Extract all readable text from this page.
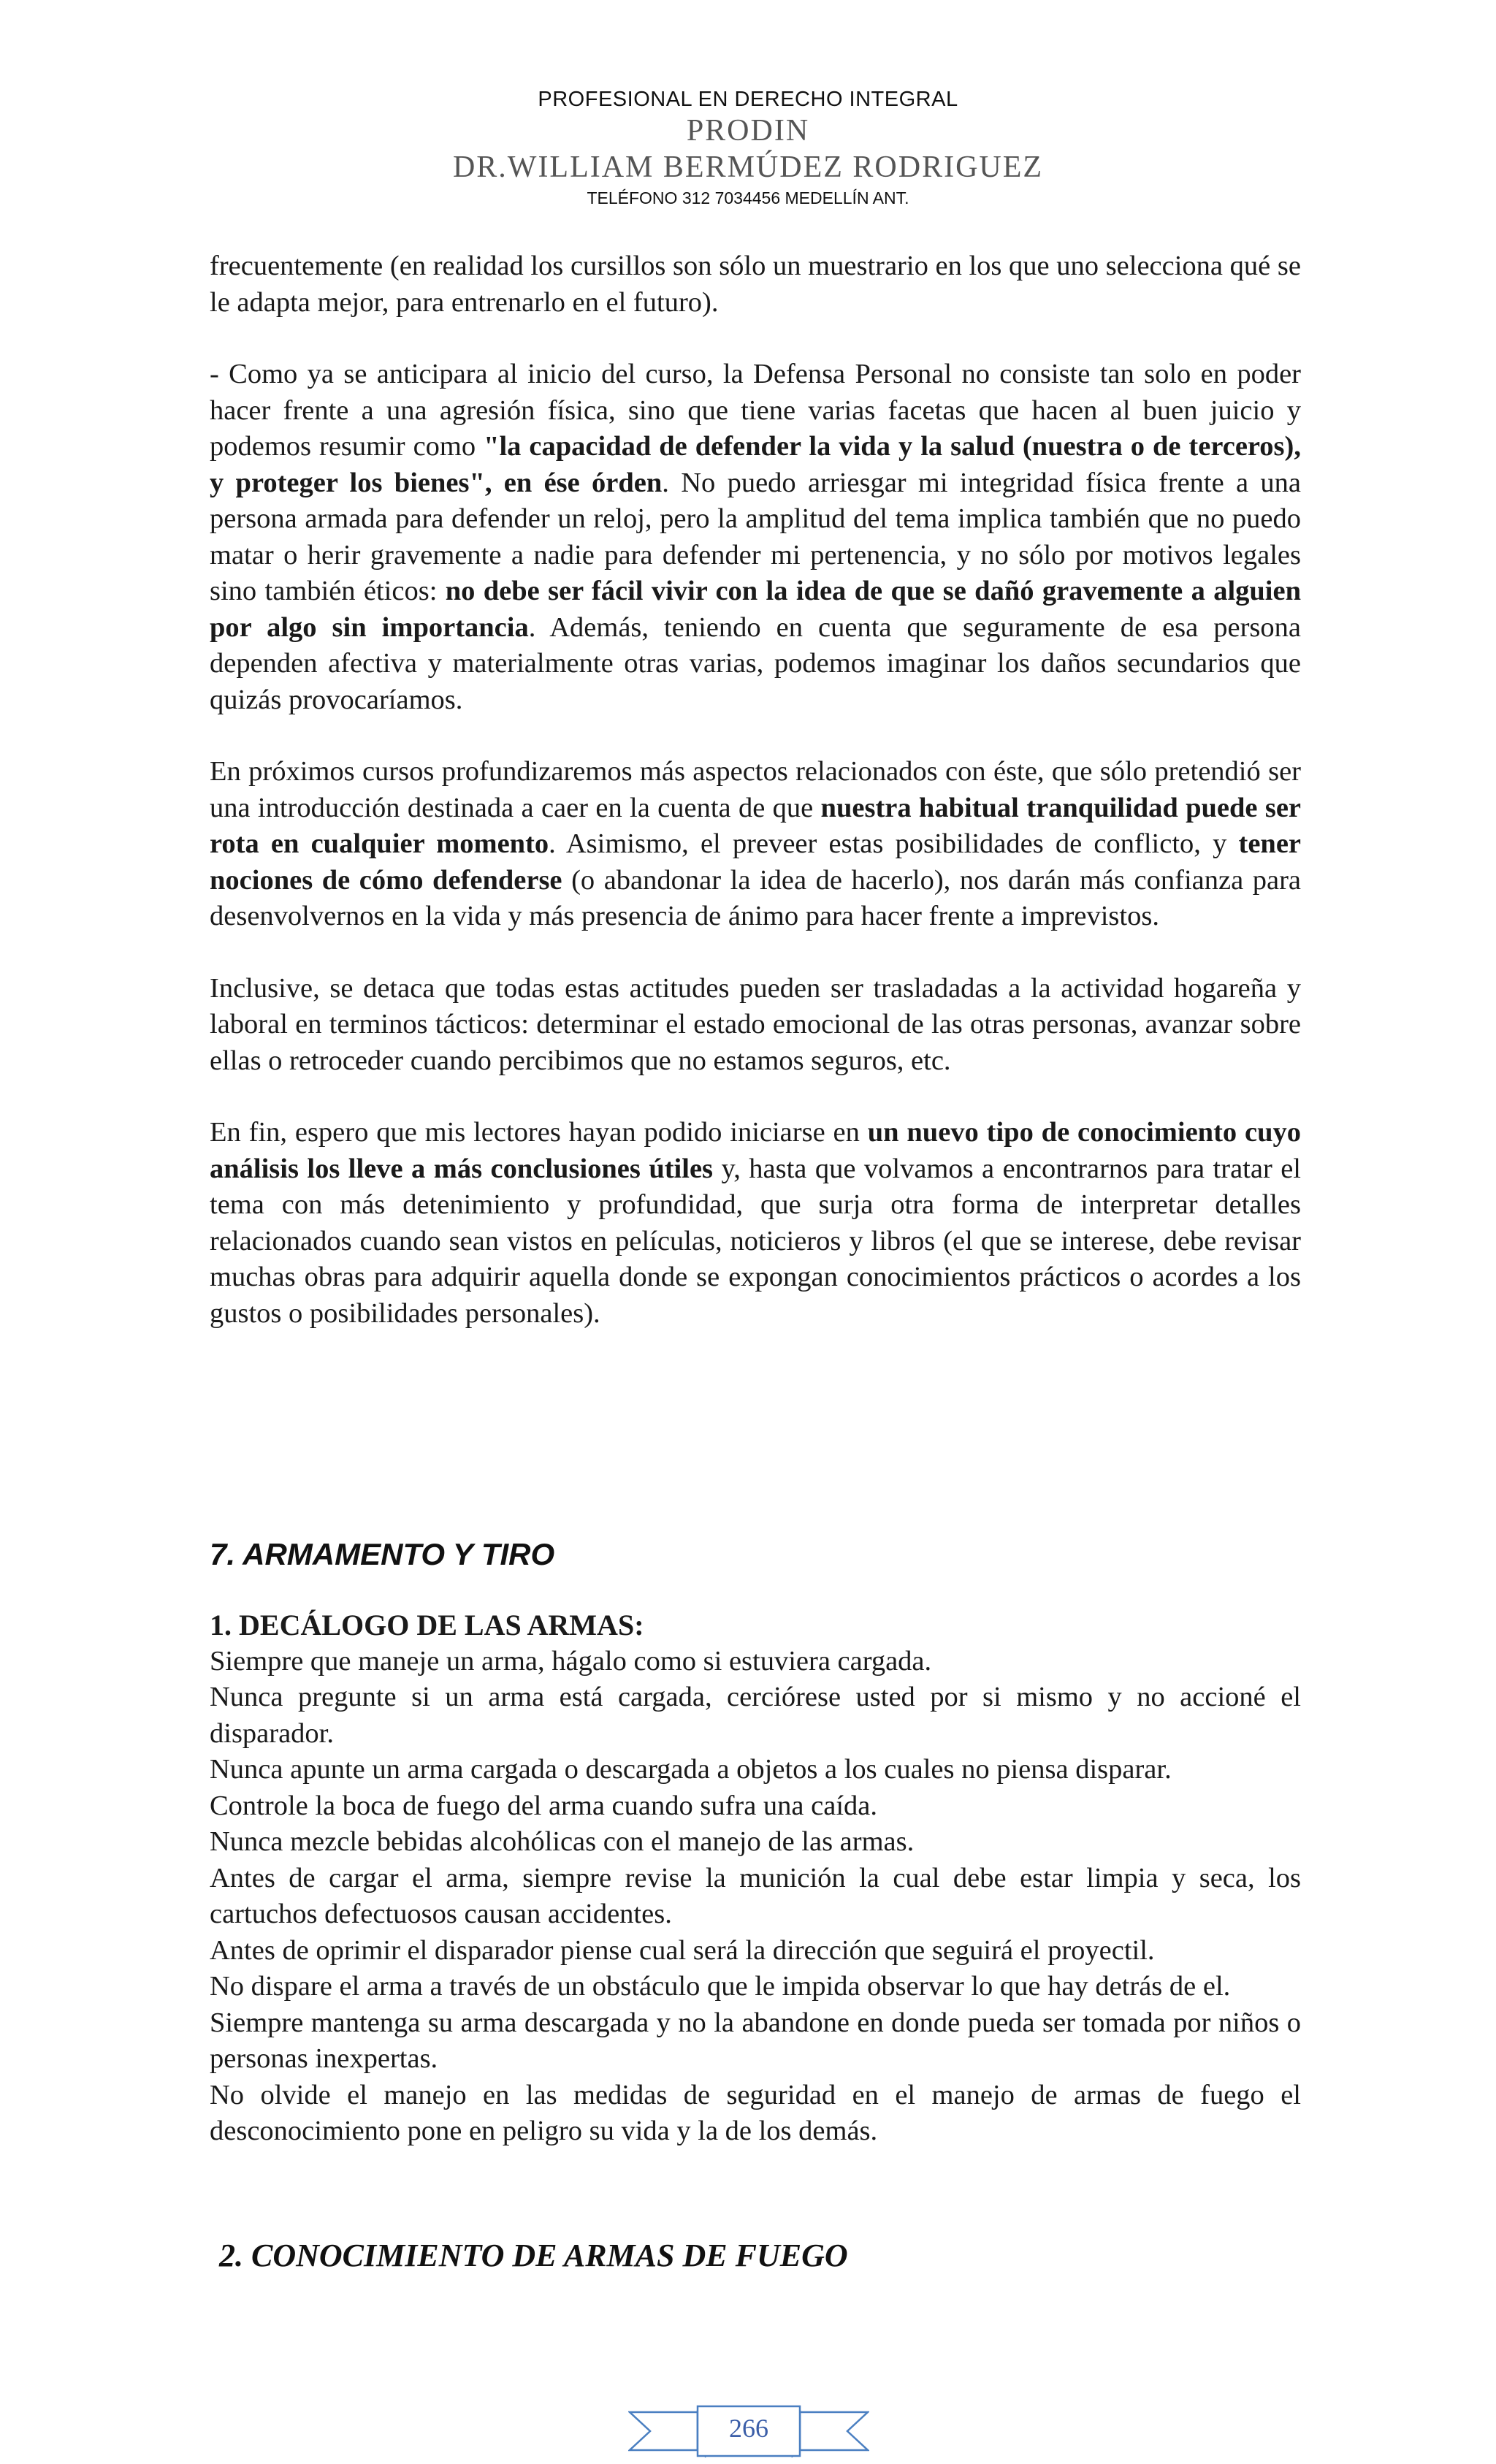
PROFESIONAL EN DERECHO INTEGRAL
PRODIN
DR.WILLIAM BERMÚDEZ RODRIGUEZ
TELÉFONO 312 7034456 MEDELLÍN ANT.

frecuentemente (en realidad los cursillos son sólo un muestrario en los que uno selecciona qué se le adapta mejor, para entrenarlo en el futuro).

- Como ya se anticipara al inicio del curso, la Defensa Personal no consiste tan solo en poder hacer frente a una agresión física, sino que tiene varias facetas que hacen al buen juicio y podemos resumir como "la capacidad de defender la vida y la salud (nuestra o de terceros), y proteger los bienes", en ése órden. No puedo arriesgar mi integridad física frente a una persona armada para defender un reloj, pero la amplitud del tema implica también que no puedo matar o herir gravemente a nadie para defender mi pertenencia, y no sólo por motivos legales sino también éticos: no debe ser fácil vivir con la idea de que se dañó gravemente a alguien por algo sin importancia. Además, teniendo en cuenta que seguramente de esa persona dependen afectiva y materialmente otras varias, podemos imaginar los daños secundarios que quizás provocaríamos.

En próximos cursos profundizaremos más aspectos relacionados con éste, que sólo pretendió ser una introducción destinada a caer en la cuenta de que nuestra habitual tranquilidad puede ser rota en cualquier momento. Asimismo, el preveer estas posibilidades de conflicto, y tener nociones de cómo defenderse (o abandonar la idea de hacerlo), nos darán más confianza para desenvolvernos en la vida y más presencia de ánimo para hacer frente a imprevistos.

Inclusive, se detaca que todas estas actitudes pueden ser trasladadas a la actividad hogareña y laboral en terminos tácticos: determinar el estado emocional de las otras personas, avanzar sobre ellas o retroceder cuando percibimos que no estamos seguros, etc.

En fin, espero que mis lectores hayan podido iniciarse en un nuevo tipo de conocimiento cuyo análisis los lleve a más conclusiones útiles y, hasta que volvamos a encontrarnos para tratar el tema con más detenimiento y profundidad, que surja otra forma de interpretar detalles relacionados cuando sean vistos en películas, noticieros y libros (el que se interese, debe revisar muchas obras para adquirir aquella donde se expongan conocimientos prácticos o acordes a los gustos o posibilidades personales).

7. ARMAMENTO Y TIRO
1. DECÁLOGO DE LAS ARMAS:
Siempre que maneje un arma, hágalo como si estuviera cargada.
Nunca pregunte si un arma está cargada, cerciórese usted por si mismo y no accioné el disparador.
Nunca apunte un arma cargada o descargada a objetos a los cuales no piensa disparar.
Controle la boca de fuego del arma cuando sufra una caída.
Nunca mezcle bebidas alcohólicas con el manejo de las armas.
Antes de cargar el arma, siempre revise la munición la cual debe estar limpia y seca, los cartuchos defectuosos causan accidentes.
Antes de oprimir el disparador piense cual será la dirección que seguirá el proyectil.
No dispare el arma a través de un obstáculo que le impida observar lo que hay detrás de el.
Siempre mantenga su arma descargada y no la abandone en donde pueda ser tomada por niños o personas inexpertas.
No olvide el manejo en las medidas de seguridad en el manejo de armas de fuego el desconocimiento pone en peligro su vida y la de los demás.
2. CONOCIMIENTO DE ARMAS DE FUEGO
266
